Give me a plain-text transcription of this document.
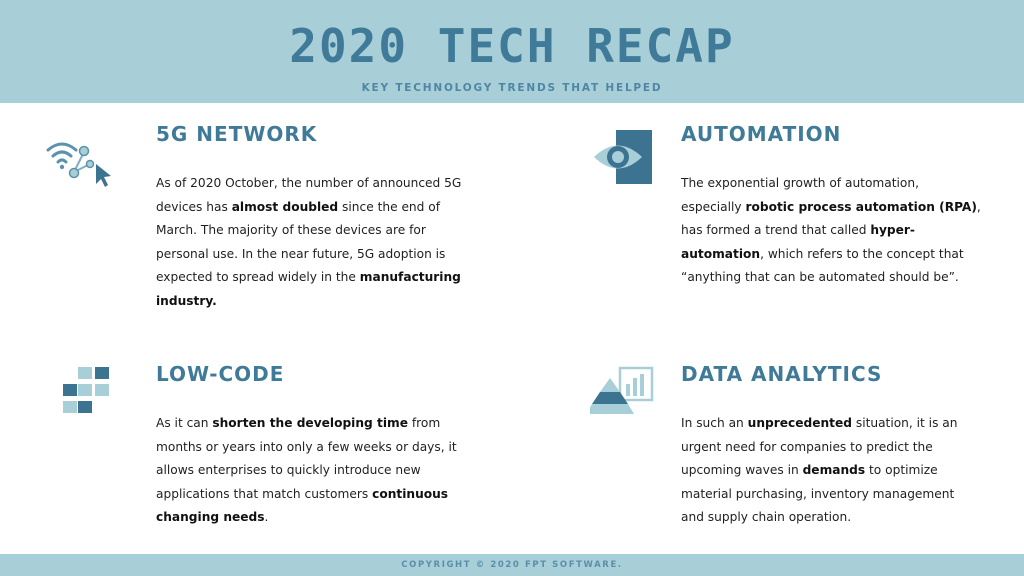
2020 TECH RECAP
KEY TECHNOLOGY TRENDS THAT HELPED
5G NETWORK
As of 2020 October, the number of announced 5G devices has almost doubled since the end of March. The majority of these devices are for personal use. In the near future, 5G adoption is expected to spread widely in the manufacturing industry.
AUTOMATION
The exponential growth of automation, especially robotic process automation (RPA), has formed a trend that called hyper-automation, which refers to the concept that “anything that can be automated should be”.
LOW-CODE
As it can shorten the developing time from months or years into only a few weeks or days, it allows enterprises to quickly introduce new applications that match customers continuous changing needs.
DATA ANALYTICS
In such an unprecedented situation, it is an urgent need for companies to predict the upcoming waves in demands to optimize material purchasing, inventory management and supply chain operation.
COPYRIGHT © 2020 FPT SOFTWARE.
